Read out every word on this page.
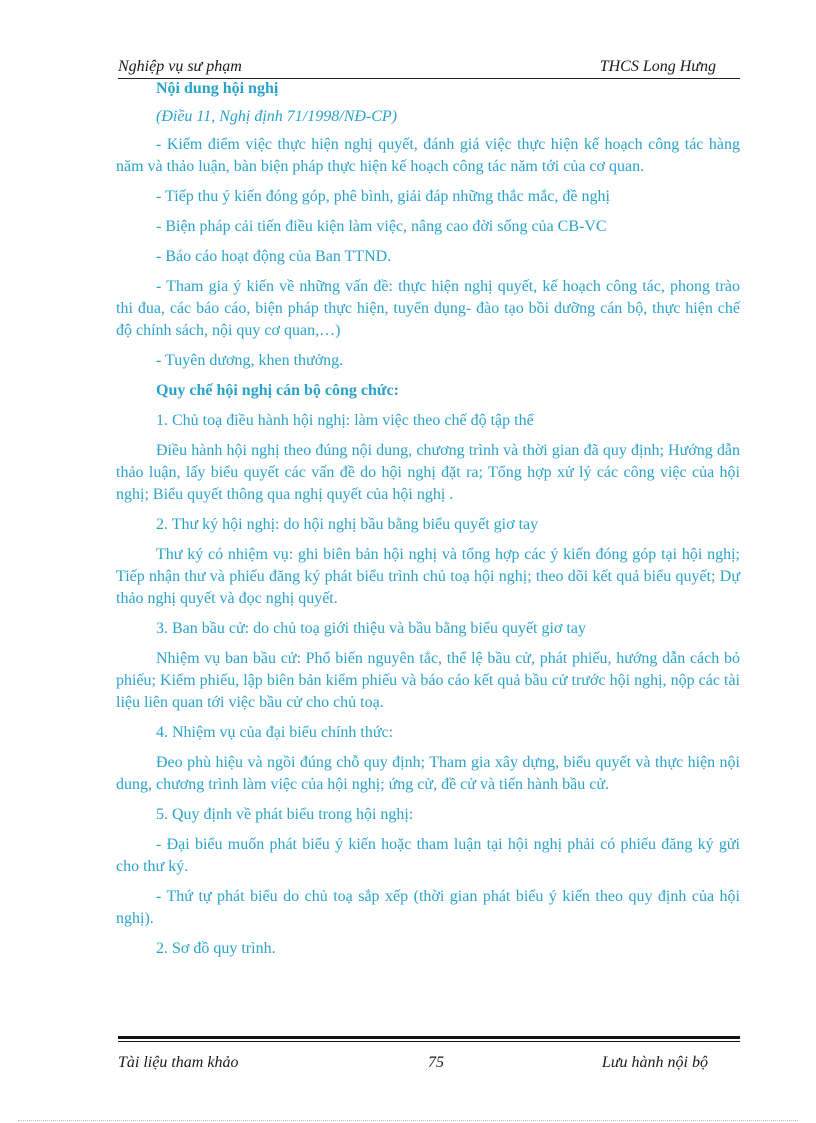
Nghiệp vụ sư phạm	THCS Long Hưng

Nội dung hội nghị

(Điều 11, Nghị định 71/1998/NĐ-CP)

- Kiểm điểm việc thực hiện nghị quyết, đánh giá việc thực hiện kế hoạch công tác hàng năm và thảo luận, bàn biện pháp thực hiện kế hoạch công tác năm tới của cơ quan.

- Tiếp thu ý kiến đóng góp, phê bình, giải đáp những thắc mắc, đề nghị

- Biện pháp cải tiến điều kiện làm việc, nâng cao đời sống của CB-VC

- Báo cáo hoạt động của Ban TTND.

- Tham gia ý kiến về những vấn đề: thực hiện nghị quyết, kế hoạch công tác, phong trào thi đua, các báo cáo, biện pháp thực hiện, tuyển dụng- đào tạo bồi dưỡng cán bộ, thực hiện chế độ chính sách, nội quy cơ quan,…)

- Tuyên dương, khen thưởng.

Quy chế hội nghị cán bộ công chức:

1. Chủ toạ điều hành hội nghị: làm việc theo chế độ tập thể

Điều hành hội nghị theo đúng nội dung, chương trình và thời gian đã quy định; Hướng dẫn thảo luận, lấy biểu quyết các vấn đề do hội nghị đặt ra; Tổng hợp xử lý các công việc của hội nghị; Biểu quyết thông qua nghị quyết của hội nghị .

2. Thư ký hội nghị: do hội nghị bầu bằng biểu quyết giơ tay

Thư ký có nhiệm vụ: ghi biên bản hội nghị và tổng hợp các ý kiến đóng góp tại hội nghị; Tiếp nhận thư và phiếu đăng ký phát biểu trình chủ toạ hội nghị; theo dõi kết quả biểu quyết; Dự thảo nghị quyết và đọc nghị quyết.

3. Ban bầu cử: do chủ toạ giới thiệu và bầu bằng biểu quyết giơ tay

Nhiệm vụ ban bầu cử: Phổ biến nguyên tắc, thể lệ bầu cử, phát phiếu, hướng dẫn cách bỏ phiếu; Kiểm phiếu, lập biên bản kiểm phiếu và báo cáo kết quả bầu cử trước hội nghị, nộp các tài liệu liên quan tới việc bầu cử cho chủ toạ.

4. Nhiệm vụ của đại biểu chính thức:

Đeo phù hiệu và ngồi đúng chỗ quy định; Tham gia xây dựng, biểu quyết và thực hiện nội dung, chương trình làm việc của hội nghị; ứng cử, đề cử và tiến hành bầu cử.

5. Quy định về phát biểu trong hội nghị:

- Đại biểu muốn phát biểu ý kiến hoặc tham luận tại hội nghị phải có phiếu đăng ký gửi cho thư ký.

- Thứ tự phát biểu do chủ toạ sắp xếp (thời gian phát biểu ý kiến theo quy định của hội nghị).

2. Sơ đồ quy trình.

Tài liệu tham khảo	75	Lưu hành nội bộ
